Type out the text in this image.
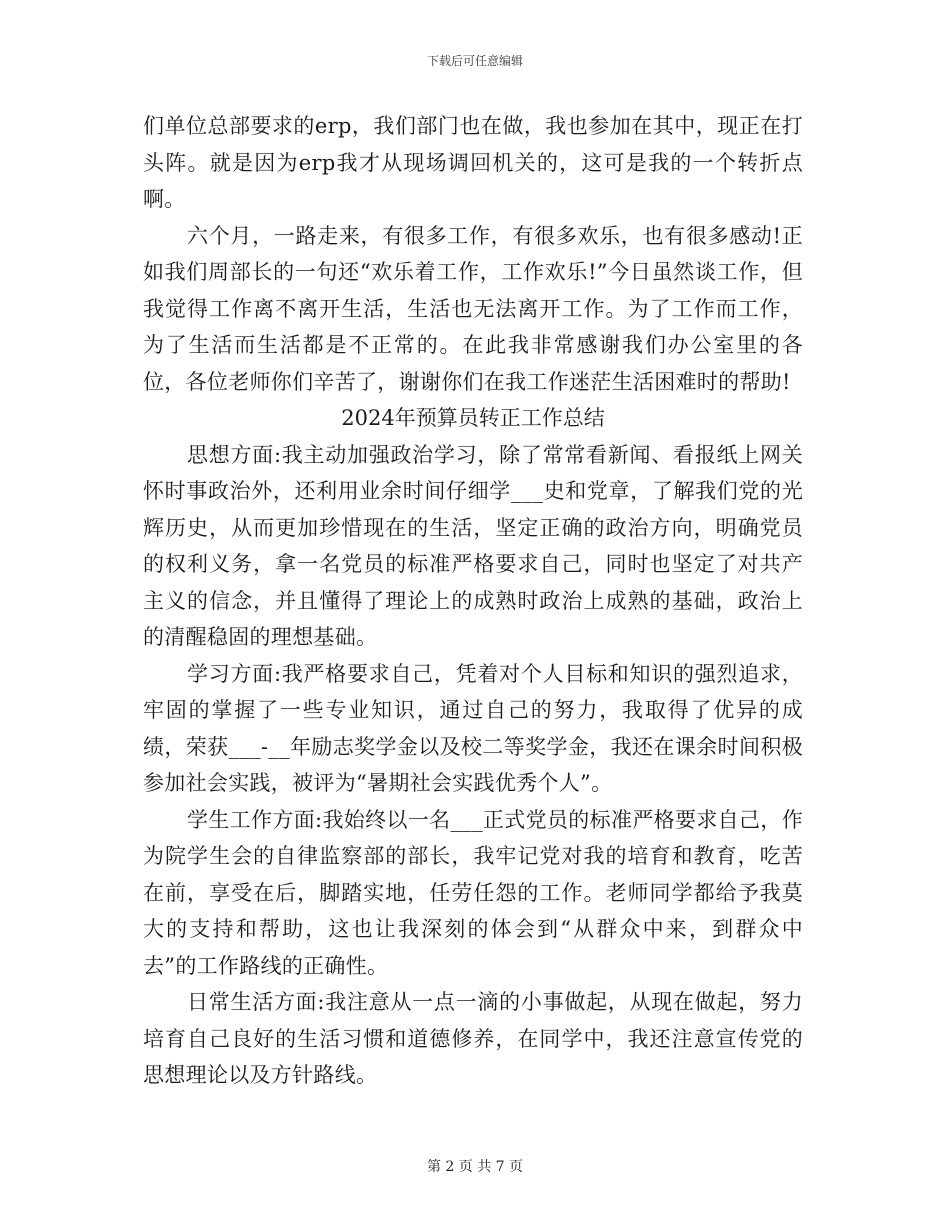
下载后可任意编辑

们单位总部要求的erp，我们部门也在做，我也参加在其中，现正在打头阵。就是因为erp我才从现场调回机关的，这可是我的一个转折点啊。

六个月，一路走来，有很多工作，有很多欢乐，也有很多感动!正如我们周部长的一句还“欢乐着工作，工作欢乐!”今日虽然谈工作，但我觉得工作离不离开生活，生活也无法离开工作。为了工作而工作，为了生活而生活都是不正常的。在此我非常感谢我们办公室里的各位，各位老师你们辛苦了，谢谢你们在我工作迷茫生活困难时的帮助!

2024年预算员转正工作总结

思想方面:我主动加强政治学习，除了常常看新闻、看报纸上网关怀时事政治外，还利用业余时间仔细学___史和党章，了解我们党的光辉历史，从而更加珍惜现在的生活，坚定正确的政治方向，明确党员的权利义务，拿一名党员的标准严格要求自己，同时也坚定了对共产主义的信念，并且懂得了理论上的成熟时政治上成熟的基础，政治上的清醒稳固的理想基础。

学习方面:我严格要求自己，凭着对个人目标和知识的强烈追求，牢固的掌握了一些专业知识，通过自己的努力，我取得了优异的成绩，荣获___-__年励志奖学金以及校二等奖学金，我还在课余时间积极参加社会实践，被评为“暑期社会实践优秀个人”。

学生工作方面:我始终以一名___正式党员的标准严格要求自己，作为院学生会的自律监察部的部长，我牢记党对我的培育和教育，吃苦在前，享受在后，脚踏实地，任劳任怨的工作。老师同学都给予我莫大的支持和帮助，这也让我深刻的体会到“从群众中来，到群众中去”的工作路线的正确性。

日常生活方面:我注意从一点一滴的小事做起，从现在做起，努力培育自己良好的生活习惯和道德修养，在同学中，我还注意宣传党的思想理论以及方针路线。

第 2 页 共 7 页
